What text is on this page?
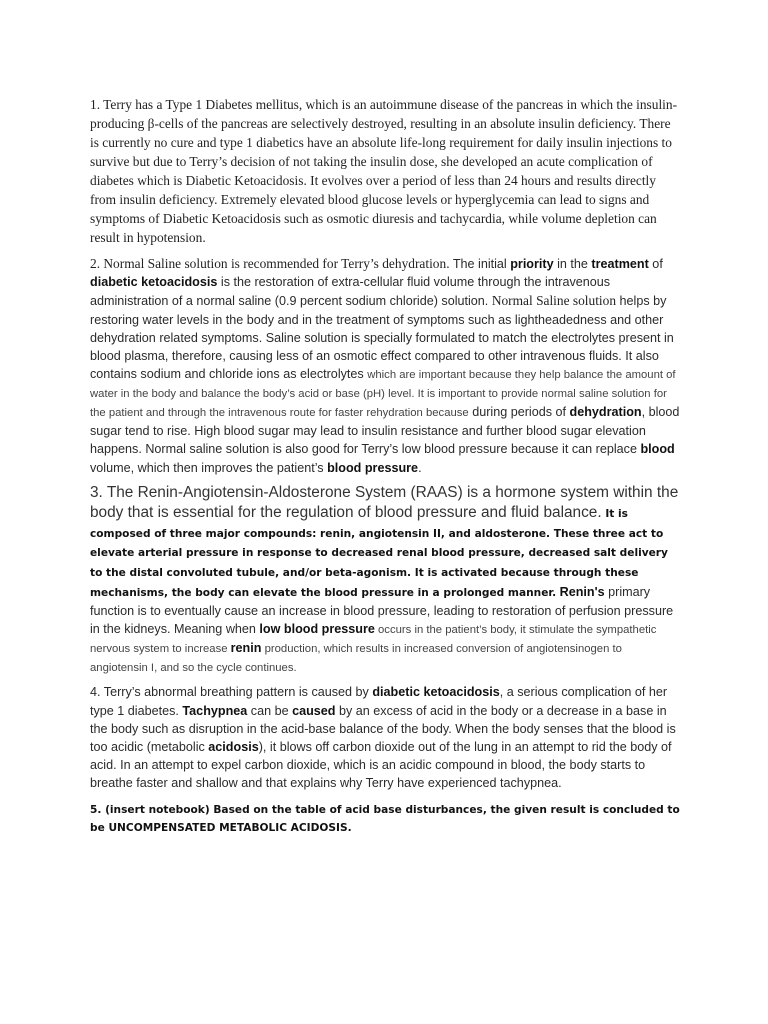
1. Terry has a Type 1 Diabetes mellitus, which is an autoimmune disease of the pancreas in which the insulin-producing β-cells of the pancreas are selectively destroyed, resulting in an absolute insulin deficiency. There is currently no cure and type 1 diabetics have an absolute life-long requirement for daily insulin injections to survive but due to Terry’s decision of not taking the insulin dose, she developed an acute complication of diabetes which is Diabetic Ketoacidosis. It evolves over a period of less than 24 hours and results directly from insulin deficiency. Extremely elevated blood glucose levels or hyperglycemia can lead to signs and symptoms of Diabetic Ketoacidosis such as osmotic diuresis and tachycardia, while volume depletion can result in hypotension.

2. Normal Saline solution is recommended for Terry’s dehydration. The initial priority in the treatment of diabetic ketoacidosis is the restoration of extra-cellular fluid volume through the intravenous administration of a normal saline (0.9 percent sodium chloride) solution. Normal Saline solution helps by restoring water levels in the body and in the treatment of symptoms such as lightheadedness and other dehydration related symptoms. Saline solution is specially formulated to match the electrolytes present in blood plasma, therefore, causing less of an osmotic effect compared to other intravenous fluids. It also contains sodium and chloride ions as electrolytes which are important because they help balance the amount of water in the body and balance the body’s acid or base (pH) level. It is important to provide normal saline solution for the patient and through the intravenous route for faster rehydration because during periods of dehydration, blood sugar tend to rise. High blood sugar may lead to insulin resistance and further blood sugar elevation happens. Normal saline solution is also good for Terry’s low blood pressure because it can replace blood volume, which then improves the patient’s blood pressure.

3. The Renin-Angiotensin-Aldosterone System (RAAS) is a hormone system within the body that is essential for the regulation of blood pressure and fluid balance. It is composed of three major compounds: renin, angiotensin II, and aldosterone. These three act to elevate arterial pressure in response to decreased renal blood pressure, decreased salt delivery to the distal convoluted tubule, and/or beta-agonism. It is activated because through these mechanisms, the body can elevate the blood pressure in a prolonged manner. Renin's primary function is to eventually cause an increase in blood pressure, leading to restoration of perfusion pressure in the kidneys. Meaning when low blood pressure occurs in the patient’s body, it stimulate the sympathetic nervous system to increase renin production, which results in increased conversion of angiotensinogen to angiotensin I, and so the cycle continues.

4. Terry’s abnormal breathing pattern is caused by diabetic ketoacidosis, a serious complication of her type 1 diabetes. Tachypnea can be caused by an excess of acid in the body or a decrease in a base in the body such as disruption in the acid-base balance of the body. When the body senses that the blood is too acidic (metabolic acidosis), it blows off carbon dioxide out of the lung in an attempt to rid the body of acid. In an attempt to expel carbon dioxide, which is an acidic compound in blood, the body starts to breathe faster and shallow and that explains why Terry have experienced tachypnea.

5. (insert notebook) Based on the table of acid base disturbances, the given result is concluded to be UNCOMPENSATED METABOLIC ACIDOSIS.
